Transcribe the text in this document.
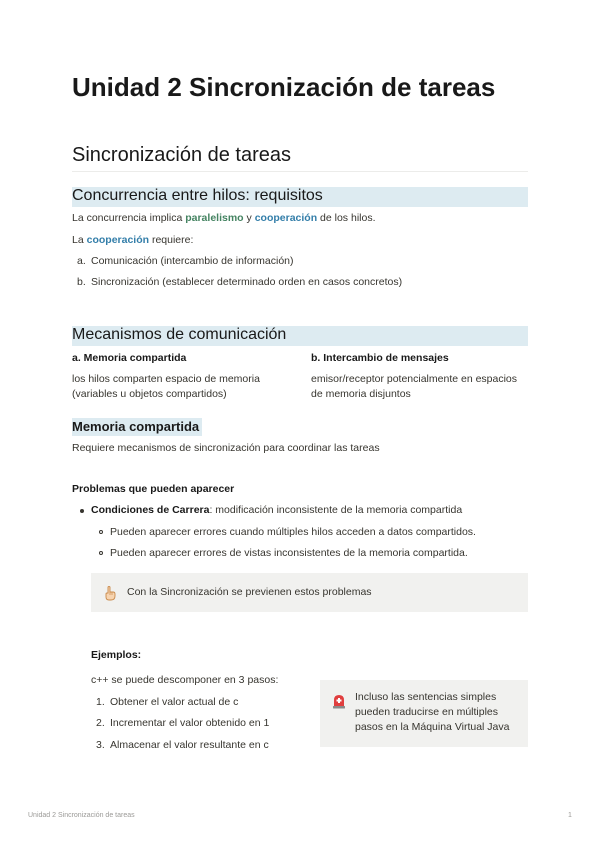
Unidad 2 Sincronización de tareas
Sincronización de tareas
Concurrencia entre hilos: requisitos
La concurrencia implica paralelismo y cooperación de los hilos.
La cooperación requiere:
a. Comunicación (intercambio de información)
b. Sincronización (establecer determinado orden en casos concretos)
Mecanismos de comunicación
a. Memoria compartida
los hilos comparten espacio de memoria
(variables u objetos compartidos)
b. Intercambio de mensajes
emisor/receptor potencialmente en espacios
de memoria disjuntos
Memoria compartida
Requiere mecanismos de sincronización para coordinar las tareas
Problemas que pueden aparecer
Condiciones de Carrera: modificación inconsistente de la memoria compartida
Pueden aparecer errores cuando múltiples hilos acceden a datos compartidos.
Pueden aparecer errores de vistas inconsistentes de la memoria compartida.
Con la Sincronización se previenen estos problemas
Ejemplos:
c++ se puede descomponer en 3 pasos:
1. Obtener el valor actual de c
2. Incrementar el valor obtenido en 1
3. Almacenar el valor resultante en c
Incluso las sentencias simples
pueden traducirse en múltiples
pasos en la Máquina Virtual Java
Unidad 2 Sincronización de tareas	1
